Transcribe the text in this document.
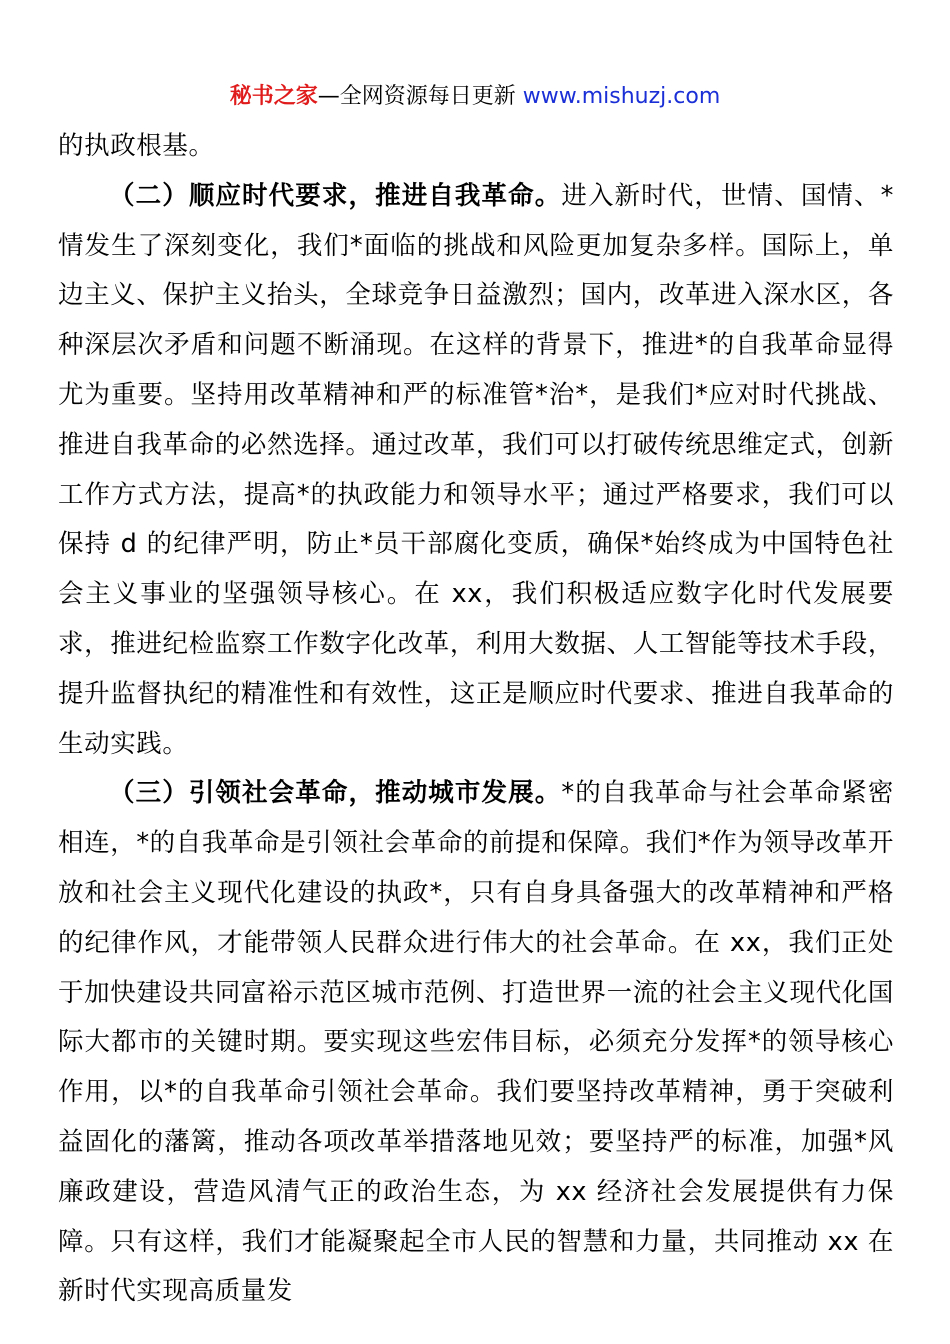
秘书之家—全网资源每日更新 www.mishuzj.com

的执政根基。

（二）顺应时代要求，推进自我革命。进入新时代，世情、国情、*情发生了深刻变化，我们*面临的挑战和风险更加复杂多样。国际上，单边主义、保护主义抬头，全球竞争日益激烈；国内，改革进入深水区，各种深层次矛盾和问题不断涌现。在这样的背景下，推进*的自我革命显得尤为重要。坚持用改革精神和严的标准管*治*，是我们*应对时代挑战、推进自我革命的必然选择。通过改革，我们可以打破传统思维定式，创新工作方式方法，提高*的执政能力和领导水平；通过严格要求，我们可以保持 d 的纪律严明，防止*员干部腐化变质，确保*始终成为中国特色社会主义事业的坚强领导核心。在 xx，我们积极适应数字化时代发展要求，推进纪检监察工作数字化改革，利用大数据、人工智能等技术手段，提升监督执纪的精准性和有效性，这正是顺应时代要求、推进自我革命的生动实践。

（三）引领社会革命，推动城市发展。*的自我革命与社会革命紧密相连，*的自我革命是引领社会革命的前提和保障。我们*作为领导改革开放和社会主义现代化建设的执政*，只有自身具备强大的改革精神和严格的纪律作风，才能带领人民群众进行伟大的社会革命。在 xx，我们正处于加快建设共同富裕示范区城市范例、打造世界一流的社会主义现代化国际大都市的关键时期。要实现这些宏伟目标，必须充分发挥*的领导核心作用，以*的自我革命引领社会革命。我们要坚持改革精神，勇于突破利益固化的藩篱，推动各项改革举措落地见效；要坚持严的标准，加强*风廉政建设，营造风清气正的政治生态，为 xx 经济社会发展提供有力保障。只有这样，我们才能凝聚起全市人民的智慧和力量，共同推动 xx 在新时代实现高质量发
